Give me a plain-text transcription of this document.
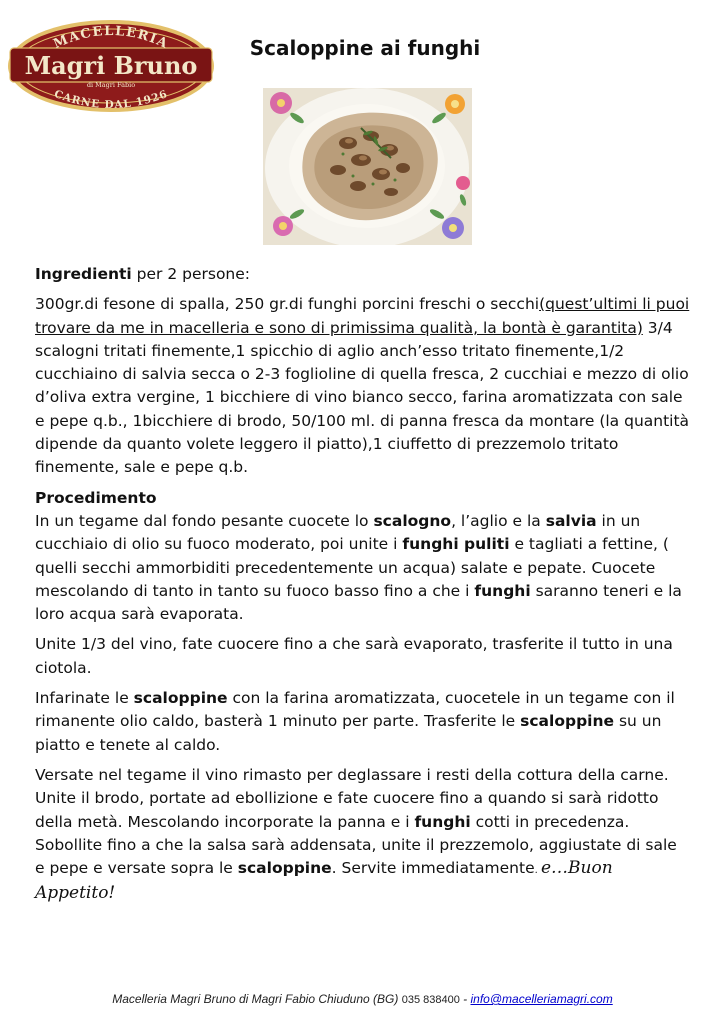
MACELLERIA
Magri Bruno
di Magri Fabio
CARNE DAL 1926
Scaloppine ai funghi

Ingredienti per 2 persone:

300gr.di fesone di spalla, 250 gr.di funghi porcini freschi o secchi(quest’ultimi li puoi trovare da me in macelleria e sono di primissima qualità, la bontà è garantita) 3/4 scalogni tritati finemente,1 spicchio di aglio anch’esso tritato finemente,1/2 cucchiaino di salvia secca o 2-3 foglioline di quella fresca, 2 cucchiai e mezzo di olio d’oliva extra vergine, 1 bicchiere di vino bianco secco, farina aromatizzata con sale e pepe q.b., 1bicchiere di brodo, 50/100 ml. di panna fresca da montare (la quantità dipende da quanto volete leggero il piatto),1 ciuffetto di prezzemolo tritato finemente, sale e pepe q.b.

Procedimento
In un tegame dal fondo pesante cuocete lo scalogno, l’aglio e la salvia in un cucchiaio di olio su fuoco moderato, poi unite i funghi puliti e tagliati a fettine, ( quelli secchi ammorbiditi precedentemente un acqua) salate e pepate. Cuocete mescolando di tanto in tanto su fuoco basso fino a che i funghi saranno teneri e la loro acqua sarà evaporata.

Unite 1/3 del vino, fate cuocere fino a che sarà evaporato, trasferite il tutto in una ciotola.

Infarinate le scaloppine con la farina aromatizzata, cuocetele in un tegame con il rimanente olio caldo, basterà 1 minuto per parte. Trasferite le scaloppine su un piatto e tenete al caldo.

Versate nel tegame il vino rimasto per deglassare i resti della cottura della carne. Unite il brodo, portate ad ebollizione e fate cuocere fino a quando si sarà ridotto della metà. Mescolando incorporate la panna e i funghi cotti in precedenza. Sobollite fino a che la salsa sarà addensata, unite il prezzemolo, aggiustate di sale e pepe e versate sopra le scaloppine. Servite immediatamente. e…Buon Appetito!

Macelleria Magri Bruno di Magri Fabio Chiuduno (BG) 035 838400 - info@macelleriamagri.com
